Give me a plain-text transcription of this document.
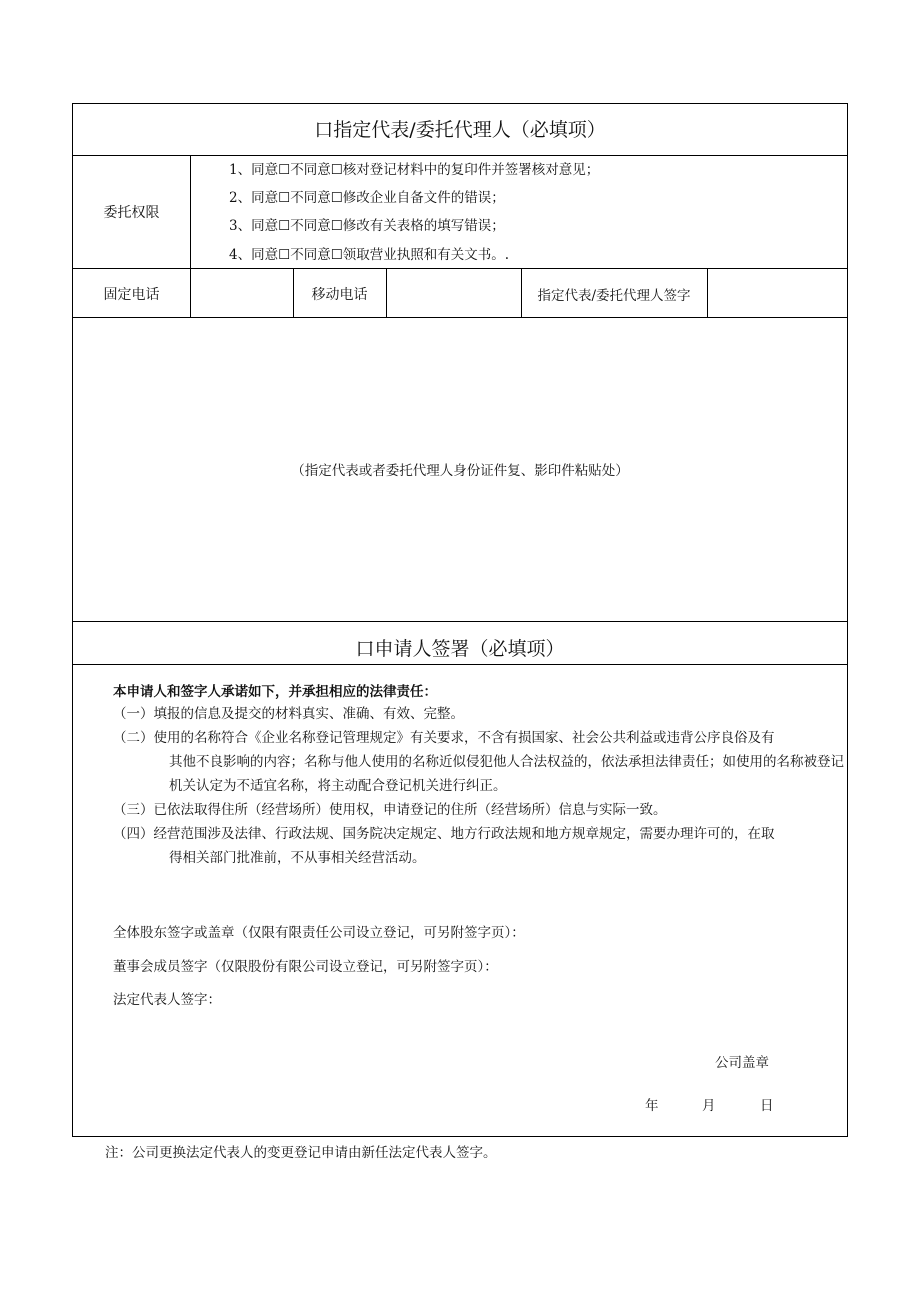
口指定代表/委托代理人（必填项）
委托权限
1、同意☐不同意☐核对登记材料中的复印件并签署核对意见；
2、同意☐不同意☐修改企业自备文件的错误；
3、同意☐不同意☐修改有关表格的填写错误；
4、同意☐不同意☐领取营业执照和有关文书。.
固定电话	移动电话	指定代表/委托代理人签字
（指定代表或者委托代理人身份证件复、影印件粘贴处）
口申请人签署（必填项）
本申请人和签字人承诺如下，并承担相应的法律责任：
（一）填报的信息及提交的材料真实、准确、有效、完整。
（二）使用的名称符合《企业名称登记管理规定》有关要求，不含有损国家、社会公共利益或违背公序良俗及有
其他不良影响的内容；名称与他人使用的名称近似侵犯他人合法权益的，依法承担法律责任；如使用的名称被登记机关认定为不适宜名称，将主动配合登记机关进行纠正。
（三）已依法取得住所（经营场所）使用权，申请登记的住所（经营场所）信息与实际一致。
（四）经营范围涉及法律、行政法规、国务院决定规定、地方行政法规和地方规章规定，需要办理许可的，在取
得相关部门批准前，不从事相关经营活动。
全体股东签字或盖章（仅限有限责任公司设立登记，可另附签字页）：
董事会成员签字（仅限股份有限公司设立登记，可另附签字页）：
法定代表人签字：
公司盖章
年	月	日
注：公司更换法定代表人的变更登记申请由新任法定代表人签字。
